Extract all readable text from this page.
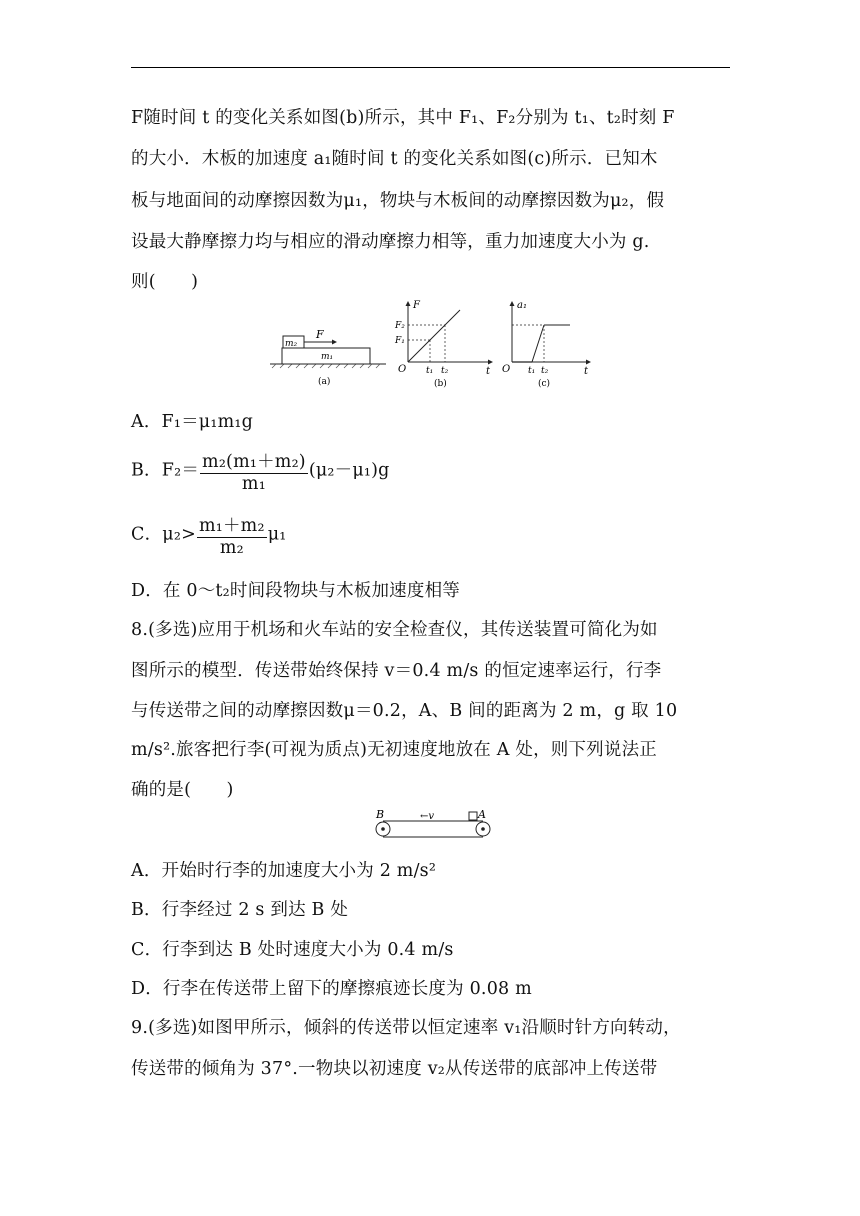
F随时间 t 的变化关系如图(b)所示，其中 F₁、F₂分别为 t₁、t₂时刻 F
的大小．木板的加速度 a₁随时间 t 的变化关系如图(c)所示．已知木
板与地面间的动摩擦因数为μ₁，物块与木板间的动摩擦因数为μ₂，假
设最大静摩擦力均与相应的滑动摩擦力相等，重力加速度大小为 g.
则(　　)
m₂
m₁
F
(a)
F
t
O
F₂
F₁
t₁ t₂
(b)
a₁
t
O t₁ t₂
(c)
A．F₁＝μ₁m₁g
B．$F_2= \frac{\text{m₂(m₁＋m₂)}}{\text{m₁}} (\mu_2-\mu_1)g$
C．$\mu_2> \frac{\text{m₁＋m₂}}{\text{m₂}} \mu_1$
D．在 0～t₂时间段物块与木板加速度相等
8.(多选)应用于机场和火车站的安全检查仪，其传送装置可简化为如
图所示的模型．传送带始终保持 v＝0.4 m/s 的恒定速率运行，行李
与传送带之间的动摩擦因数μ＝0.2，A、B 间的距离为 2 m，g 取 10
m/s².旅客把行李(可视为质点)无初速度地放在 A 处，则下列说法正
确的是(　　)
B	←v	A
A．开始时行李的加速度大小为 2 m/s²
B．行李经过 2 s 到达 B 处
C．行李到达 B 处时速度大小为 0.4 m/s
D．行李在传送带上留下的摩擦痕迹长度为 0.08 m
9.(多选)如图甲所示，倾斜的传送带以恒定速率 v₁沿顺时针方向转动，
传送带的倾角为 37°.一物块以初速度 v₂从传送带的底部冲上传送带
